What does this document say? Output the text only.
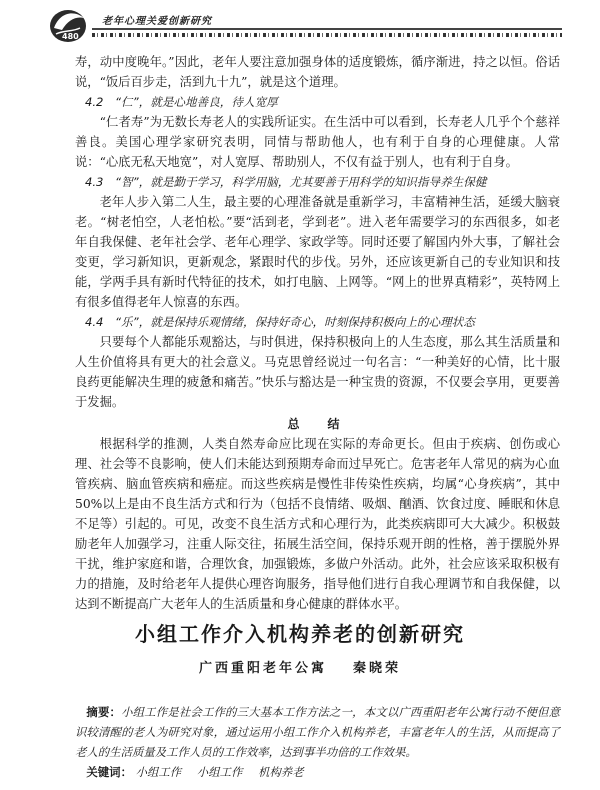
480
老年心理关爱创新研究

寿，动中度晚年。”因此，老年人要注意加强身体的适度锻炼，循序渐进，持之以恒。俗话说，“饭后百步走，活到九十九”，就是这个道理。

4.2　“仁”，就是心地善良，待人宽厚

“仁者寿”为无数长寿老人的实践所证实。在生活中可以看到，长寿老人几乎个个慈祥善良。美国心理学家研究表明，同情与帮助他人，也有利于自身的心理健康。人常说：“心底无私天地宽”，对人宽厚、帮助别人，不仅有益于别人，也有利于自身。

4.3　“智”，就是勤于学习，科学用脑，尤其要善于用科学的知识指导养生保健

老年人步入第二人生，最主要的心理准备就是重新学习，丰富精神生活，延缓大脑衰老。“树老怕空，人老怕松。”要“活到老，学到老”。进入老年需要学习的东西很多，如老年自我保健、老年社会学、老年心理学、家政学等。同时还要了解国内外大事，了解社会变更，学习新知识，更新观念，紧跟时代的步伐。另外，还应该更新自己的专业知识和技能，学两手具有新时代特征的技术，如打电脑、上网等。“网上的世界真精彩”，英特网上有很多值得老年人惊喜的东西。

4.4　“乐”，就是保持乐观情绪，保持好奇心，时刻保持积极向上的心理状态

只要每个人都能乐观豁达，与时俱进，保持积极向上的人生态度，那么其生活质量和人生价值将具有更大的社会意义。马克思曾经说过一句名言：“一种美好的心情，比十服良药更能解决生理的疲惫和痛苦。”快乐与豁达是一种宝贵的资源，不仅要会享用，更要善于发掘。

总　结

根据科学的推测，人类自然寿命应比现在实际的寿命更长。但由于疾病、创伤或心理、社会等不良影响，使人们未能达到预期寿命而过早死亡。危害老年人常见的病为心血管疾病、脑血管疾病和癌症。而这些疾病是慢性非传染性疾病，均属“心身疾病”，其中50%以上是由不良生活方式和行为（包括不良情绪、吸烟、酗酒、饮食过度、睡眠和休息不足等）引起的。可见，改变不良生活方式和心理行为，此类疾病即可大大减少。积极鼓励老年人加强学习，注重人际交往，拓展生活空间，保持乐观开朗的性格，善于摆脱外界干扰，维护家庭和谐，合理饮食，加强锻炼，多做户外活动。此外，社会应该采取积极有力的措施，及时给老年人提供心理咨询服务，指导他们进行自我心理调节和自我保健，以达到不断提高广大老年人的生活质量和身心健康的群体水平。

小组工作介入机构养老的创新研究
广西重阳老年公寓 秦晓荣
摘要：小组工作是社会工作的三大基本工作方法之一，本文以广西重阳老年公寓行动不便但意识较清醒的老人为研究对象，通过运用小组工作介入机构养老，丰富老年人的生活，从而提高了老人的生活质量及工作人员的工作效率，达到事半功倍的工作效果。
关键词： 小组工作 小组工作 机构养老
